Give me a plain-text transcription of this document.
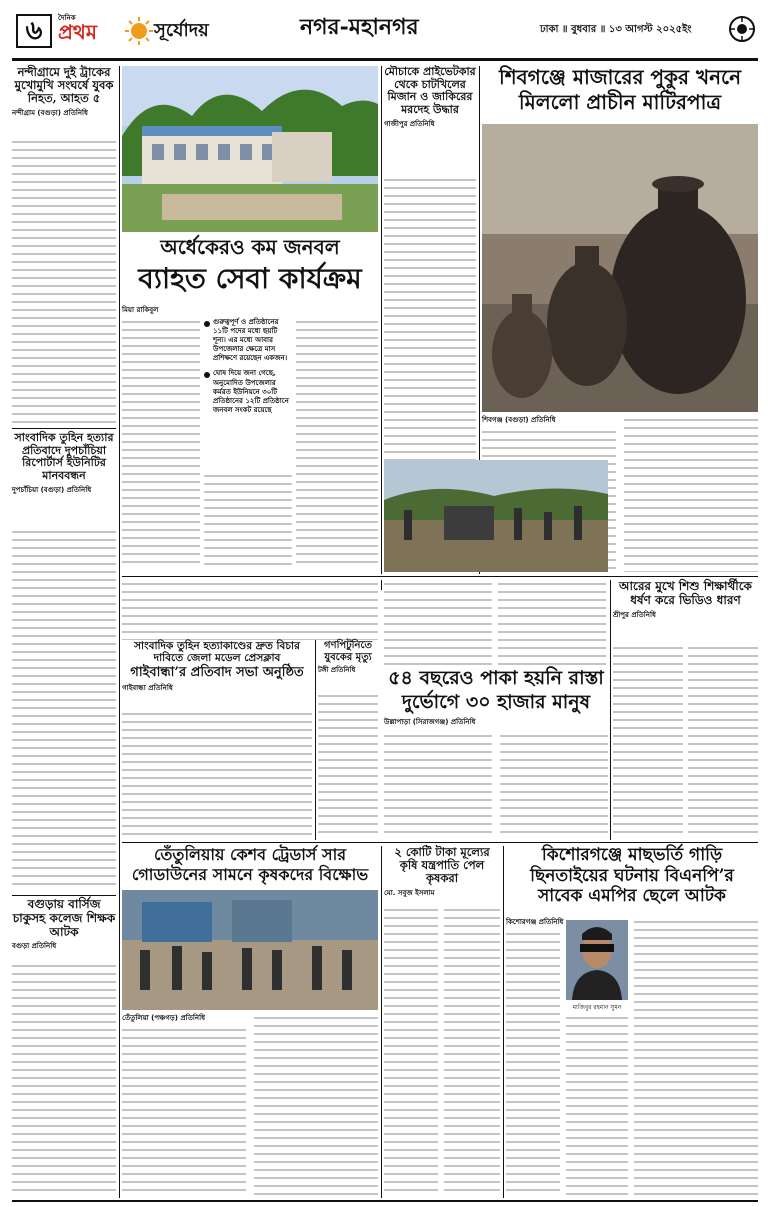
৬ দৈনিক
প্রথম	সূর্যোদয়	নগর-মহানগর	ঢাকা ॥ বুধবার ॥ ১৩ আগস্ট ২০২৫ইং
নন্দীগ্রামে দুই ট্রাকের মুখোমুখি সংঘর্ষে যুবক নিহত, আহত ৫
নন্দীগ্রাম (বগুড়া) প্রতিনিধি
সাংবাদিক তুহিন হত্যার প্রতিবাদে দুপচাঁচিয়া রিপোর্টার্স ইউনিটির মানববন্ধন
দুপচাঁচিয়া (বগুড়া) প্রতিনিধি
বগুড়ায় বার্সিজ চাকুসহ কলেজ শিক্ষক আটক
বগুড়া প্রতিনিধি
অর্ধেকেরও কম জনবল
ব্যাহত সেবা কার্যক্রম
মিয়া রাকিবুল
গুরুত্বপূর্ণ ও প্রতিষ্ঠানের ১১টি পদের মধ্যে ছয়টি শূন্য। এর মধ্যে আবার উপজেলার ক্ষেত্রে মাস প্রশিক্ষণে রয়েছেন একজন।
ঘোষ দিয়ে জনা গেছে, অনুমোদিত উপজেলার কর্মরত ইউনিয়নে ৩০টি প্রতিষ্ঠানের ১২টি প্রতিষ্ঠানে জনবল সংকট রয়েছে
মৌচাকে প্রাইভেটকার থেকে চাটখিলের মিজান ও জাকিরের মরদেহ উদ্ধার
গাজীপুর প্রতিনিধি
শিবগঞ্জে মাজারের পুকুর খননে
মিললো প্রাচীন মাটিরপাত্র
শিবগঞ্জ (বগুড়া) প্রতিনিধি
সাংবাদিক তুহিন হত্যাকাণ্ডের দ্রুত বিচার দাবিতে জেলা মডেল প্রেসক্লাব
গাইবান্ধা’র প্রতিবাদ সভা অনুষ্ঠিত
গাইবান্ধা প্রতিনিধি
গণপিটুনিতে যুবকের মৃত্যু
টঙ্গী প্রতিনিধি
আরের মুখে শিশু শিক্ষার্থীকে ধর্ষণ করে ভিডিও ধারণ
শ্রীপুর প্রতিনিধি
৫৪ বছরেও পাকা হয়নি রাস্তা
দুর্ভোগে ৩০ হাজার মানুষ
উল্লাপাড়া (সিরাজগঞ্জ) প্রতিনিধি
তেঁতুলিয়ায় কেশব ট্রেডার্স সার
গোডাউনের সামনে কৃষকদের বিক্ষোভ
তেঁতুলিয়া (পঞ্চগড়) প্রতিনিধি
২ কোটি টাকা মূল্যের কৃষি যন্ত্রপাতি পেল কৃষকরা
মো. সবুজ ইসলাম
কিশোরগঞ্জে মাছভর্তি গাড়ি
ছিনতাইয়ের ঘটনায় বিএনপি’র
সাবেক এমপির ছেলে আটক
কিশোরগঞ্জ প্রতিনিধি
মাজিবুর রহমান সুমন
